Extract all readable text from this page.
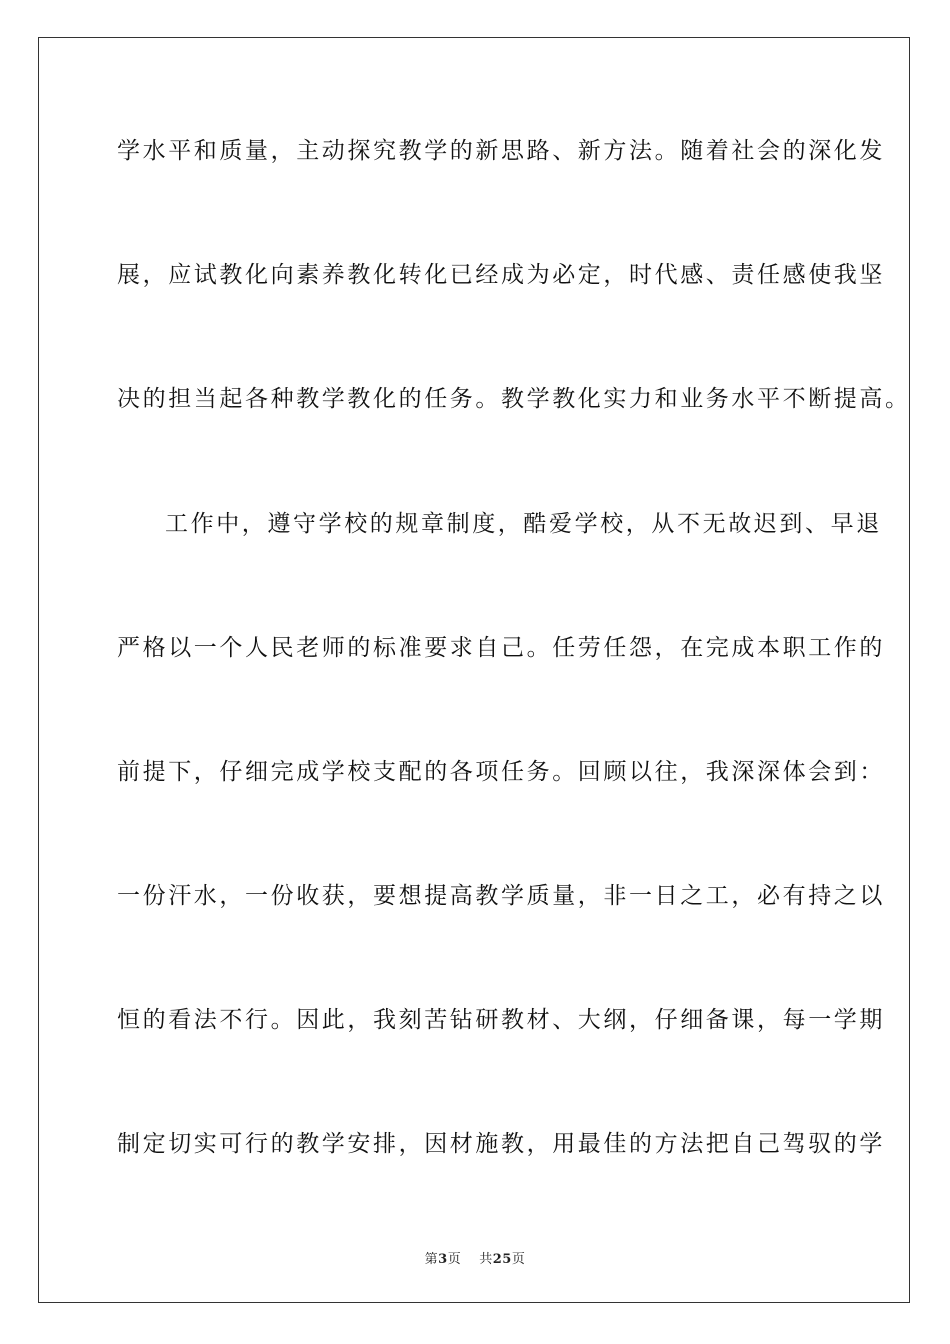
学水平和质量，主动探究教学的新思路、新方法。随着社会的深化发
展，应试教化向素养教化转化已经成为必定，时代感、责任感使我坚
决的担当起各种教学教化的任务。教学教化实力和业务水平不断提高。
工作中，遵守学校的规章制度，酷爱学校，从不无故迟到、早退
严格以一个人民老师的标准要求自己。任劳任怨，在完成本职工作的
前提下，仔细完成学校支配的各项任务。回顾以往，我深深体会到：
一份汗水，一份收获，要想提高教学质量，非一日之工，必有持之以
恒的看法不行。因此，我刻苦钻研教材、大纲，仔细备课，每一学期
制定切实可行的教学安排，因材施教，用最佳的方法把自己驾驭的学
第3页 共25页
